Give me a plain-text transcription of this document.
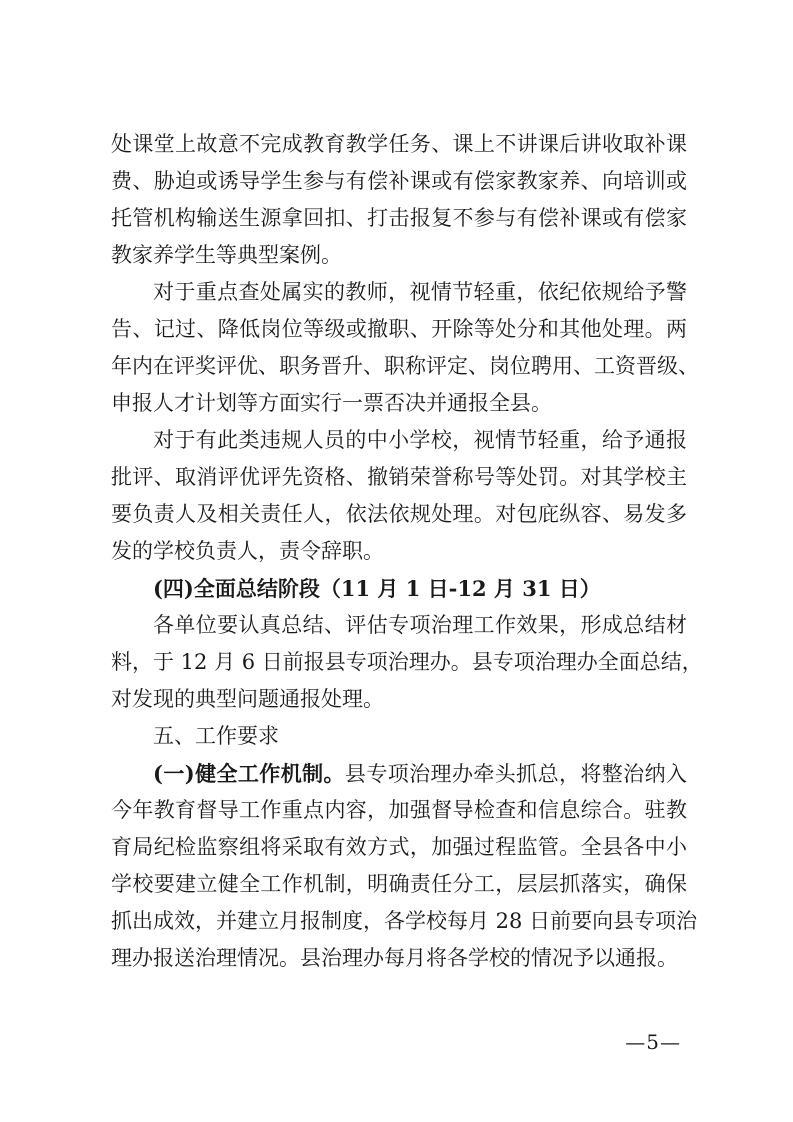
处课堂上故意不完成教育教学任务、课上不讲课后讲收取补课
费、胁迫或诱导学生参与有偿补课或有偿家教家养、向培训或
托管机构输送生源拿回扣、打击报复不参与有偿补课或有偿家
教家养学生等典型案例。
对于重点查处属实的教师，视情节轻重，依纪依规给予警
告、记过、降低岗位等级或撤职、开除等处分和其他处理。两
年内在评奖评优、职务晋升、职称评定、岗位聘用、工资晋级、
申报人才计划等方面实行一票否决并通报全县。
对于有此类违规人员的中小学校，视情节轻重，给予通报
批评、取消评优评先资格、撤销荣誉称号等处罚。对其学校主
要负责人及相关责任人，依法依规处理。对包庇纵容、易发多
发的学校负责人，责令辞职。
(四)全面总结阶段（11 月 1 日-12 月 31 日）
各单位要认真总结、评估专项治理工作效果，形成总结材
料，于 12 月 6 日前报县专项治理办。县专项治理办全面总结，
对发现的典型问题通报处理。
五、工作要求
(一)健全工作机制。县专项治理办牵头抓总，将整治纳入
今年教育督导工作重点内容，加强督导检查和信息综合。驻教
育局纪检监察组将采取有效方式，加强过程监管。全县各中小
学校要建立健全工作机制，明确责任分工，层层抓落实，确保
抓出成效，并建立月报制度，各学校每月 28 日前要向县专项治
理办报送治理情况。县治理办每月将各学校的情况予以通报。
—5—
